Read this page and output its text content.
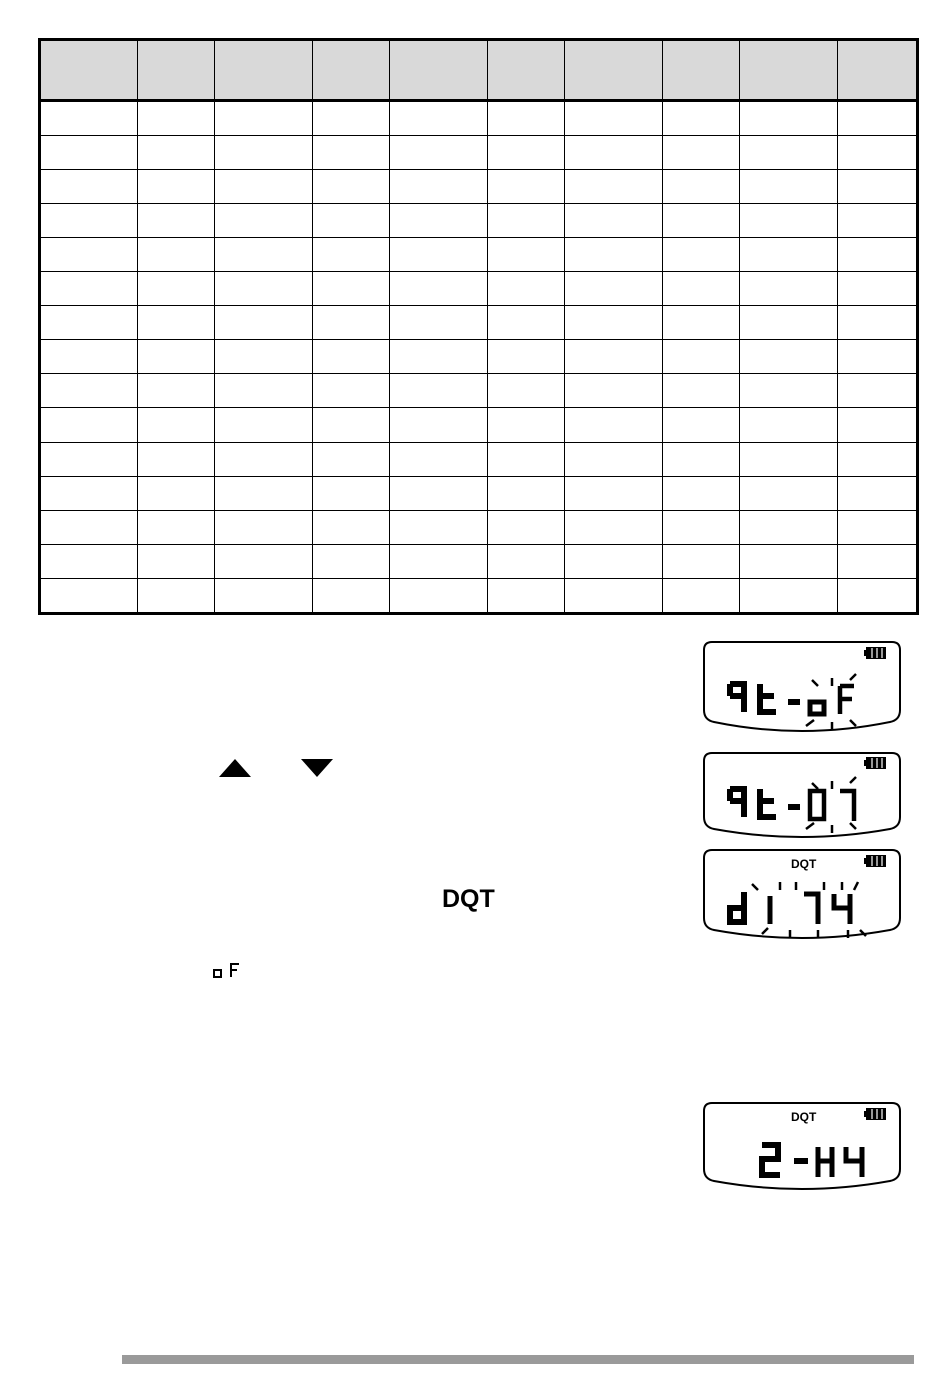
DQT
DQT
DQT
